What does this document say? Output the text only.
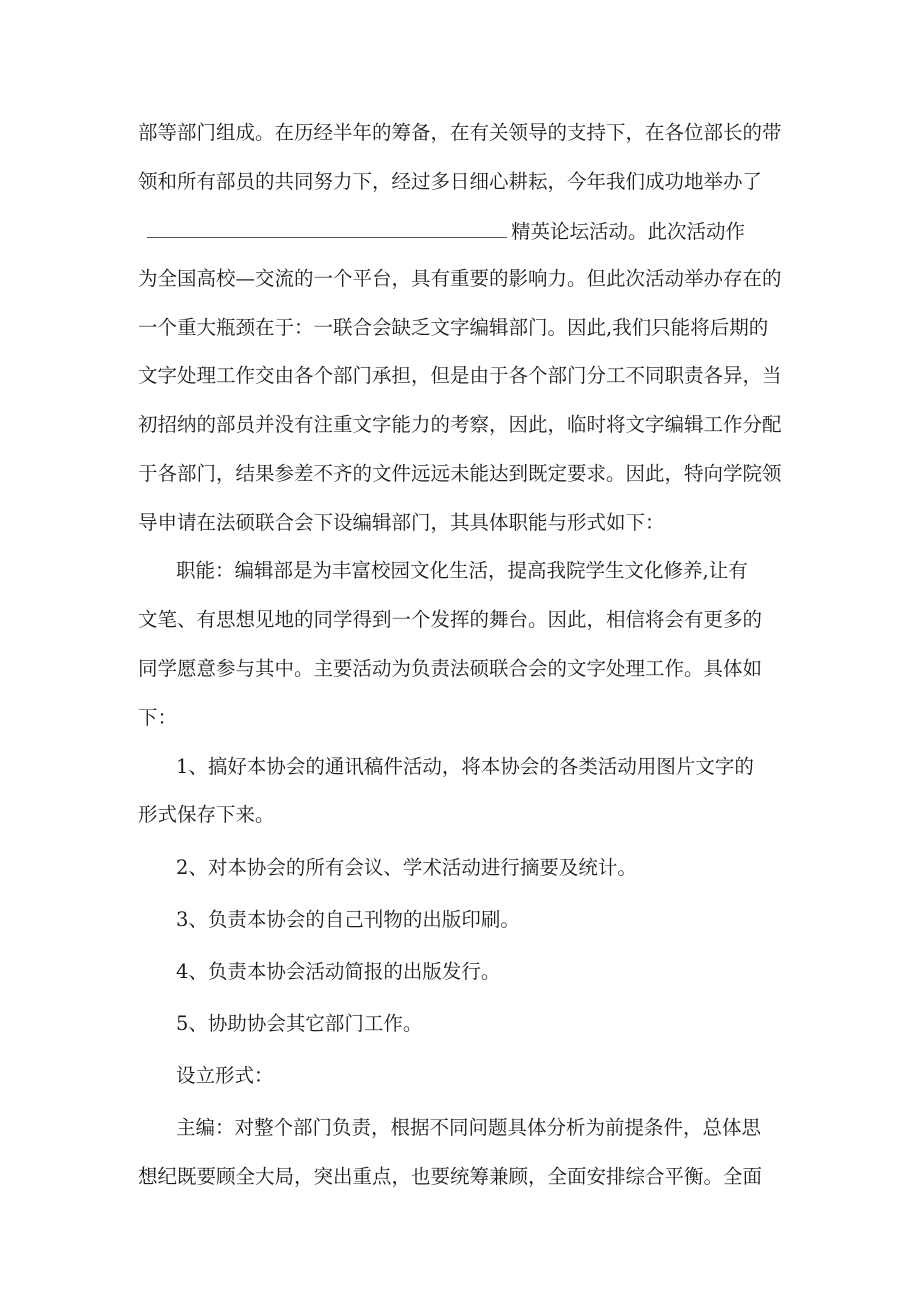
部等部门组成。在历经半年的筹备，在有关领导的支持下，在各位部长的带
领和所有部员的共同努力下，经过多日细心耕耘，今年我们成功地举办了
精英论坛活动。此次活动作
为全国高校—交流的一个平台，具有重要的影响力。但此次活动举办存在的
一个重大瓶颈在于：一联合会缺乏文字编辑部门。因此,我们只能将后期的
文字处理工作交由各个部门承担，但是由于各个部门分工不同职责各异，当
初招纳的部员并没有注重文字能力的考察，因此，临时将文字编辑工作分配
于各部门，结果参差不齐的文件远远未能达到既定要求。因此，特向学院领
导申请在法硕联合会下设编辑部门，其具体职能与形式如下：
职能：编辑部是为丰富校园文化生活，提高我院学生文化修养,让有
文笔、有思想见地的同学得到一个发挥的舞台。因此，相信将会有更多的
同学愿意参与其中。主要活动为负责法硕联合会的文字处理工作。具体如
下：
1、搞好本协会的通讯稿件活动，将本协会的各类活动用图片文字的
形式保存下来。
2、对本协会的所有会议、学术活动进行摘要及统计。
3、负责本协会的自己刊物的出版印刷。
4、负责本协会活动简报的出版发行。
5、协助协会其它部门工作。
设立形式：
主编：对整个部门负责，根据不同问题具体分析为前提条件，总体思
想纪既要顾全大局，突出重点，也要统筹兼顾，全面安排综合平衡。全面
